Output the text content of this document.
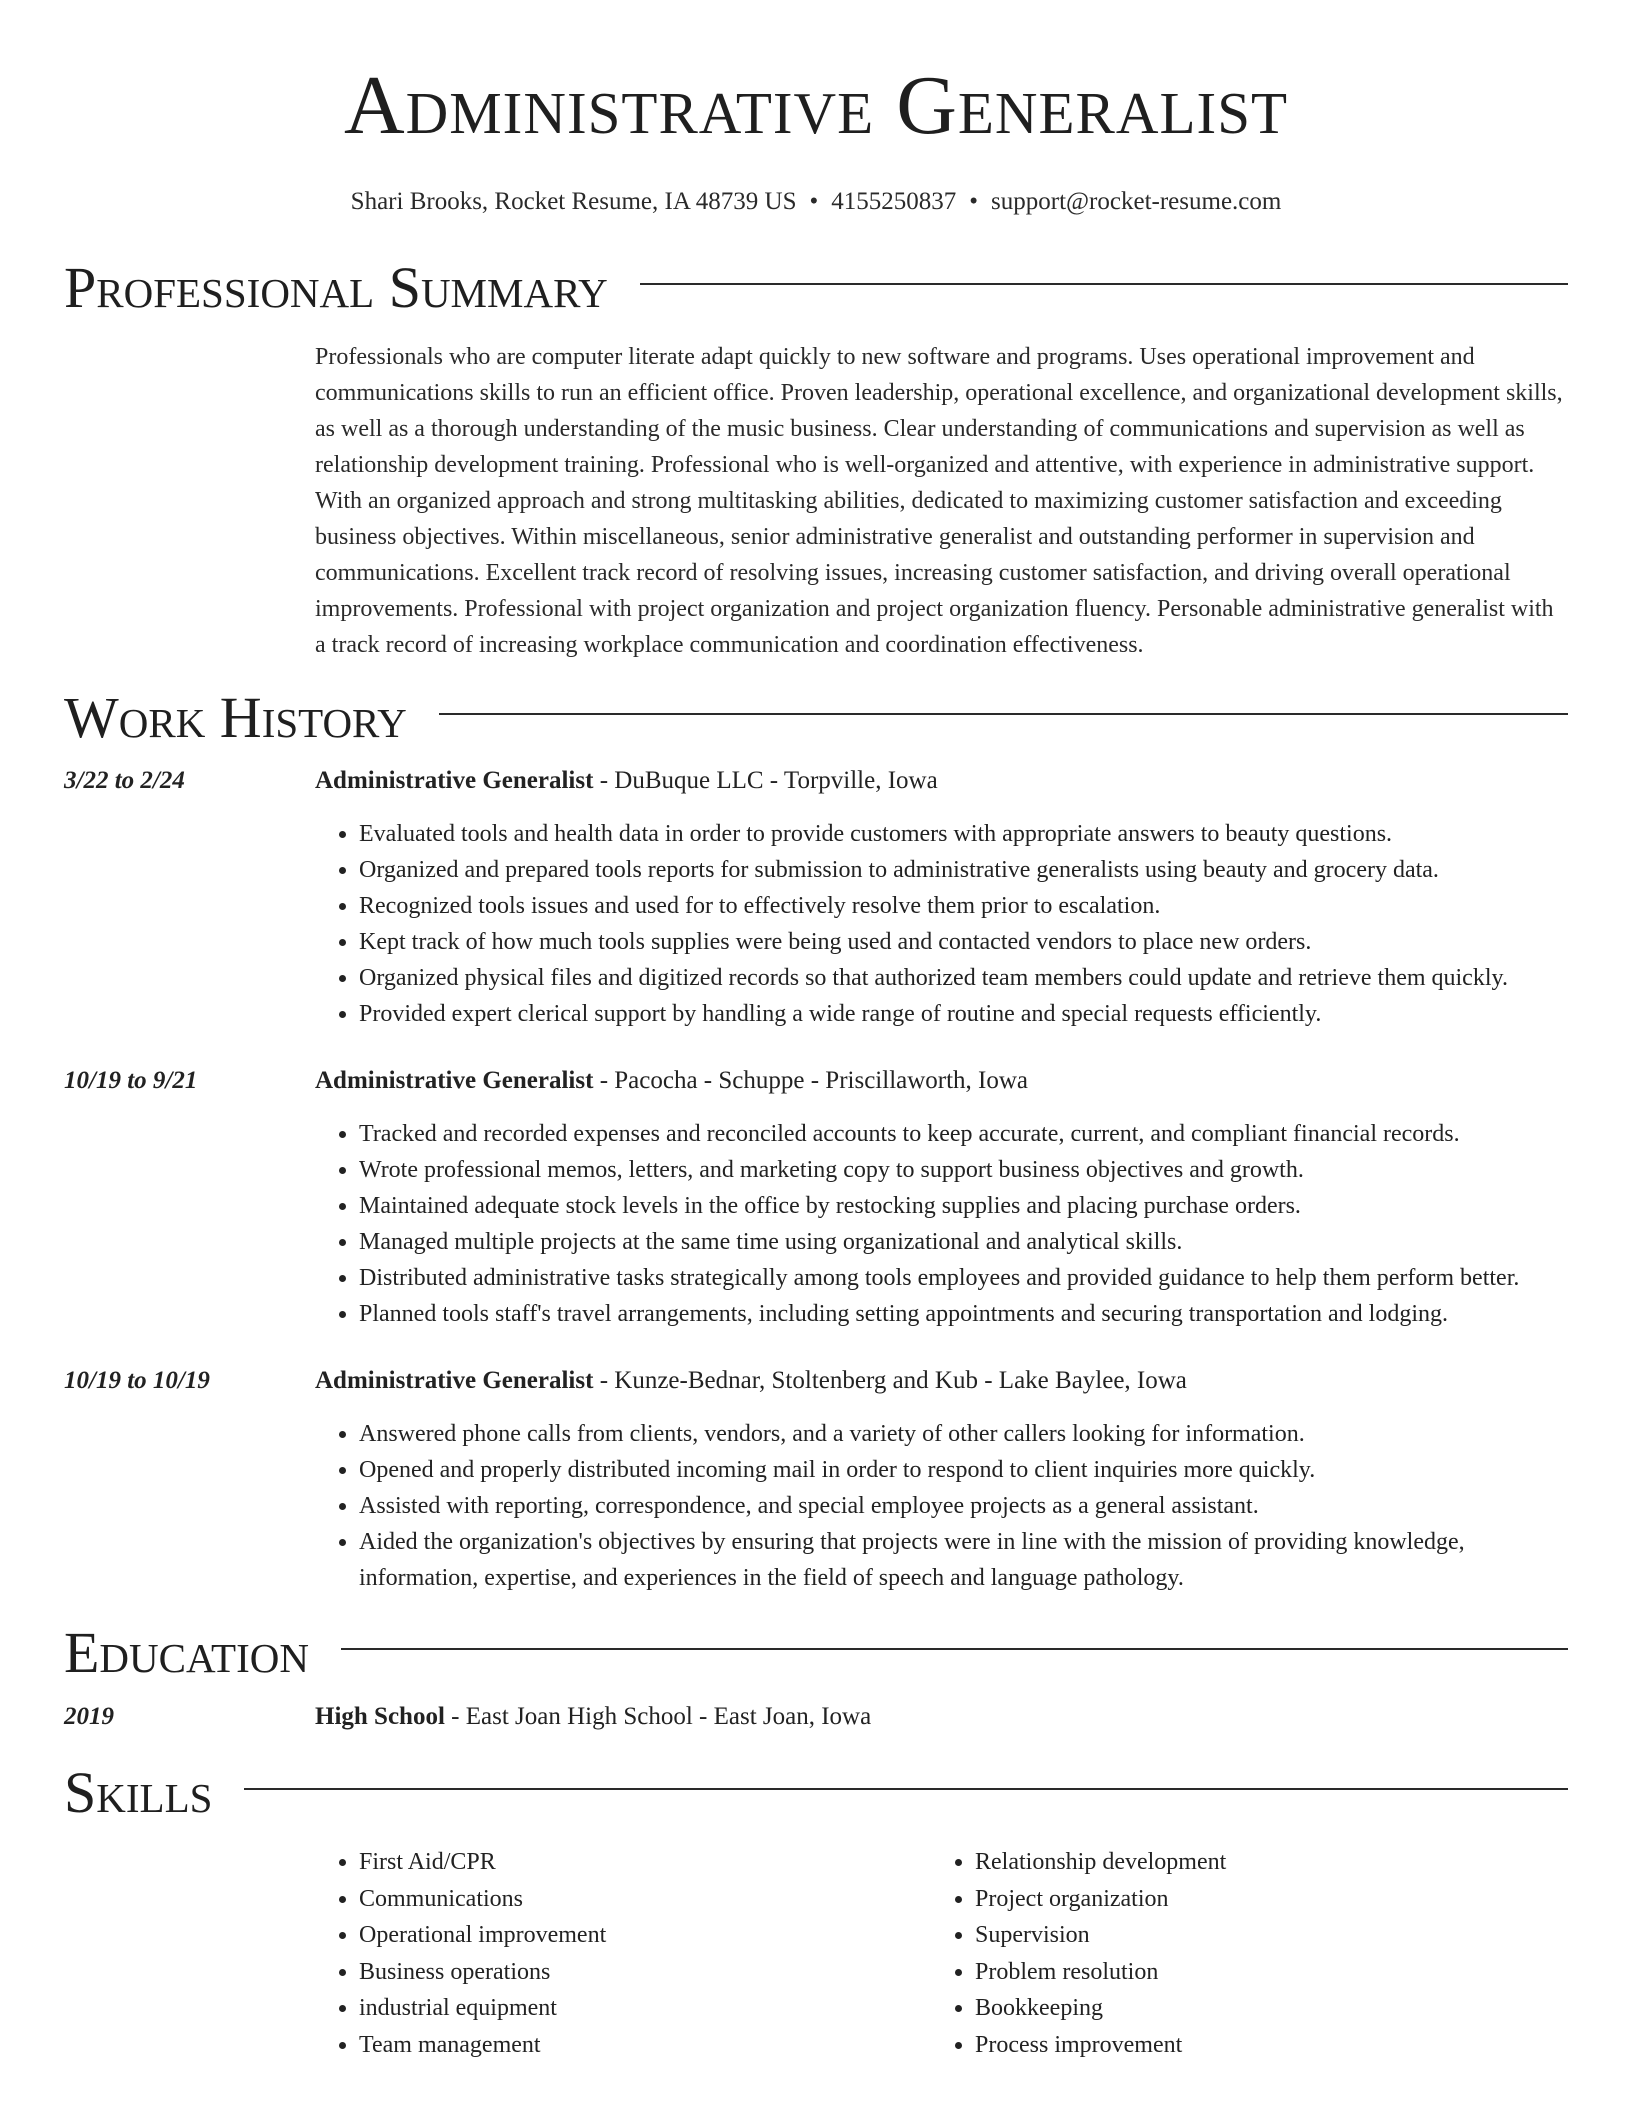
Administrative Generalist
Shari Brooks, Rocket Resume, IA 48739 US • 4155250837 • support@rocket-resume.com
Professional Summary

Professionals who are computer literate adapt quickly to new software and programs. Uses operational improvement and communications skills to run an efficient office. Proven leadership, operational excellence, and organizational development skills, as well as a thorough understanding of the music business. Clear understanding of communications and supervision as well as relationship development training. Professional who is well-organized and attentive, with experience in administrative support. With an organized approach and strong multitasking abilities, dedicated to maximizing customer satisfaction and exceeding business objectives. Within miscellaneous, senior administrative generalist and outstanding performer in supervision and communications. Excellent track record of resolving issues, increasing customer satisfaction, and driving overall operational improvements. Professional with project organization and project organization fluency. Personable administrative generalist with a track record of increasing workplace communication and coordination effectiveness.

Work History
3/22 to 2/24	Administrative Generalist - DuBuque LLC - Torpville, Iowa
• Evaluated tools and health data in order to provide customers with appropriate answers to beauty questions.
• Organized and prepared tools reports for submission to administrative generalists using beauty and grocery data.
• Recognized tools issues and used for to effectively resolve them prior to escalation.
• Kept track of how much tools supplies were being used and contacted vendors to place new orders.
• Organized physical files and digitized records so that authorized team members could update and retrieve them quickly.
• Provided expert clerical support by handling a wide range of routine and special requests efficiently.
10/19 to 9/21	Administrative Generalist - Pacocha - Schuppe - Priscillaworth, Iowa
• Tracked and recorded expenses and reconciled accounts to keep accurate, current, and compliant financial records.
• Wrote professional memos, letters, and marketing copy to support business objectives and growth.
• Maintained adequate stock levels in the office by restocking supplies and placing purchase orders.
• Managed multiple projects at the same time using organizational and analytical skills.
• Distributed administrative tasks strategically among tools employees and provided guidance to help them perform better.
• Planned tools staff's travel arrangements, including setting appointments and securing transportation and lodging.
10/19 to 10/19	Administrative Generalist - Kunze-Bednar, Stoltenberg and Kub - Lake Baylee, Iowa
• Answered phone calls from clients, vendors, and a variety of other callers looking for information.
• Opened and properly distributed incoming mail in order to respond to client inquiries more quickly.
• Assisted with reporting, correspondence, and special employee projects as a general assistant.
• Aided the organization's objectives by ensuring that projects were in line with the mission of providing knowledge, information, expertise, and experiences in the field of speech and language pathology.
Education
2019	High School - East Joan High School - East Joan, Iowa
Skills
• First Aid/CPR
• Communications
• Operational improvement
• Business operations
• industrial equipment
• Team management
• Relationship development
• Project organization
• Supervision
• Problem resolution
• Bookkeeping
• Process improvement
